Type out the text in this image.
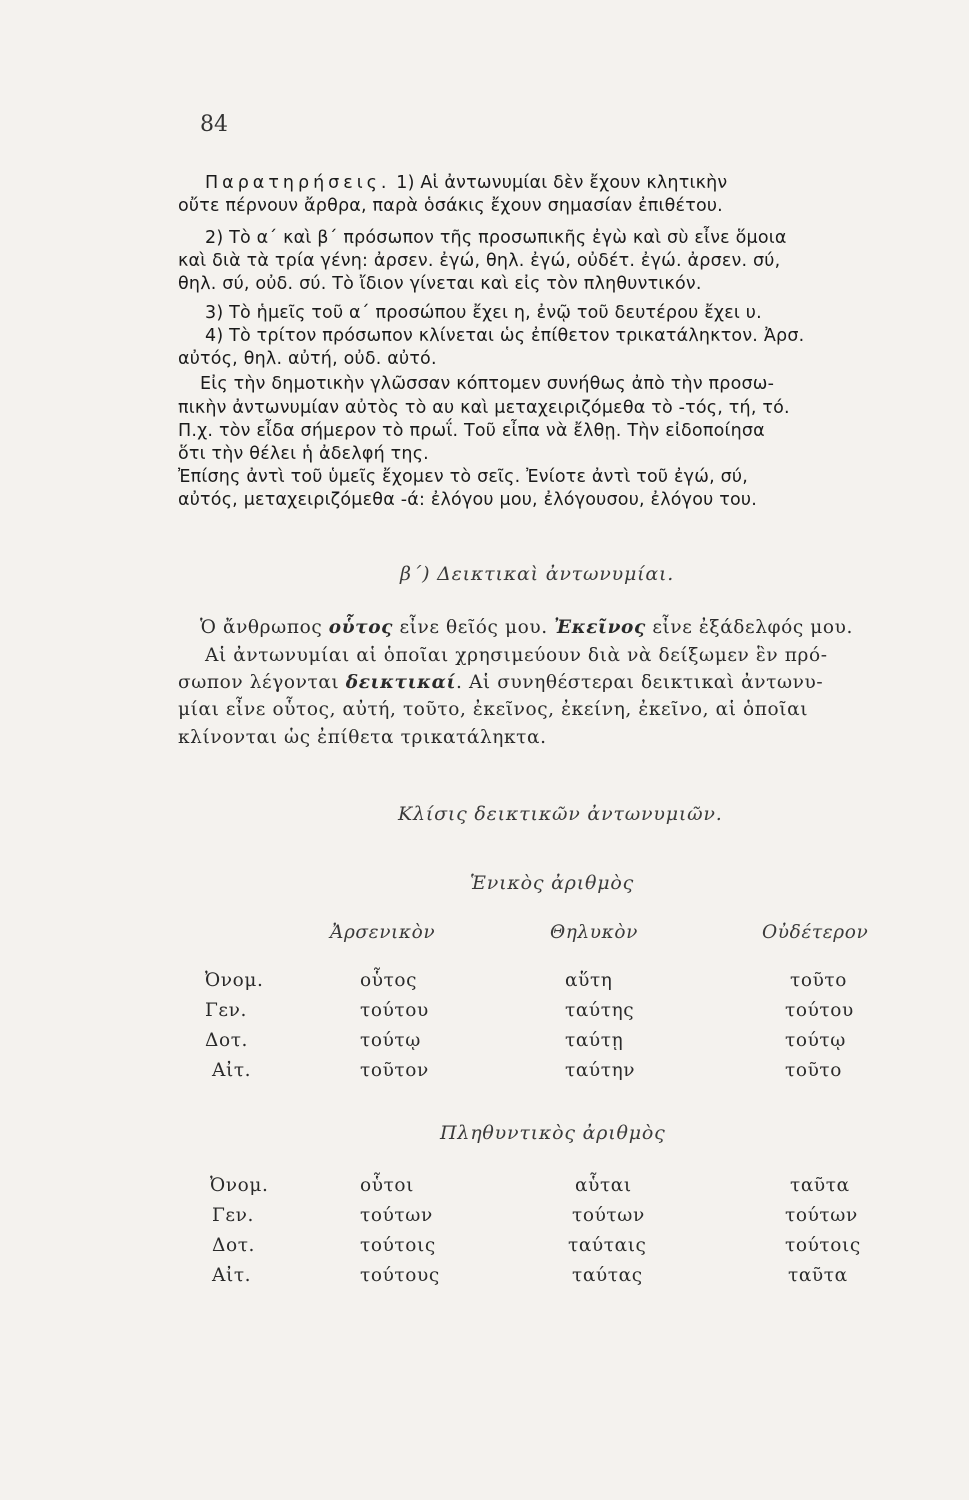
84
Παρατηρήσεις. 1) Αἱ ἀντωνυμίαι δὲν ἔχουν κλητικὴν
οὔτε πέρνουν ἄρθρα, παρὰ ὁσάκις ἔχουν σημασίαν ἐπιθέτου.
2) Τὸ α΄ καὶ β΄ πρόσωπον τῆς προσωπικῆς ἐγὼ καὶ σὺ εἶνε ὅμοια
καὶ διὰ τὰ τρία γένη: ἀρσεν. ἐγώ, θηλ. ἐγώ, οὐδέτ. ἐγώ. ἀρσεν. σύ,
θηλ. σύ, οὐδ. σύ. Τὸ ἴδιον γίνεται καὶ εἰς τὸν πληθυντικόν.
3) Τὸ ἡμεῖς τοῦ α΄ προσώπου ἔχει η, ἐνῷ τοῦ δευτέρου ἔχει υ.
4) Τὸ τρίτον πρόσωπον κλίνεται ὡς ἐπίθετον τρικατάληκτον. Ἀρσ.
αὐτός, θηλ. αὐτή, οὐδ. αὐτό.
Εἰς τὴν δημοτικὴν γλῶσσαν κόπτομεν συνήθως ἀπὸ τὴν προσω-
πικὴν ἀντωνυμίαν αὐτὸς τὸ αυ καὶ μεταχειριζόμεθα τὸ -τός, τή, τό.
Π.χ. τὸν εἶδα σήμερον τὸ πρωΐ. Τοῦ εἶπα νὰ ἔλθῃ. Τὴν εἰδοποίησα
ὅτι τὴν θέλει ἡ ἀδελφή της.
Ἐπίσης ἀντὶ τοῦ ὑμεῖς ἔχομεν τὸ σεῖς. Ἐνίοτε ἀντὶ τοῦ ἐγώ, σύ,
αὐτός, μεταχειριζόμεθα -ά: ἐλόγου μου, ἐλόγουσου, ἐλόγου του.
β΄) Δεικτικαὶ ἀντωνυμίαι.
Ὁ ἄνθρωπος οὗτος εἶνε θεῖός μου. Ἐκεῖνος εἶνε ἐξάδελφός μου.
Αἱ ἀντωνυμίαι αἱ ὁποῖαι χρησιμεύουν διὰ νὰ δείξωμεν ἓν πρό-
σωπον λέγονται δεικτικαί. Αἱ συνηθέστεραι δεικτικαὶ ἀντωνυ-
μίαι εἶνε οὗτος, αὐτή, τοῦτο, ἐκεῖνος, ἐκείνη, ἐκεῖνο, αἱ ὁποῖαι
κλίνονται ὡς ἐπίθετα τρικατάληκτα.
Κλίσις δεικτικῶν ἀντωνυμιῶν.
Ἑνικὸς ἀριθμὸς
Ἀρσενικὸν	Θηλυκὸν	Οὐδέτερον
Ὀνομ.	οὗτος	αὕτη	τοῦτο
Γεν.	τούτου	ταύτης	τούτου
Δοτ.	τούτῳ	ταύτῃ	τούτῳ
Αἰτ.	τοῦτον	ταύτην	τοῦτο
Πληθυντικὸς ἀριθμὸς
Ὀνομ.	οὗτοι	αὗται	ταῦτα
Γεν.	τούτων	τούτων	τούτων
Δοτ.	τούτοις	ταύταις	τούτοις
Αἰτ.	τούτους	ταύτας	ταῦτα
